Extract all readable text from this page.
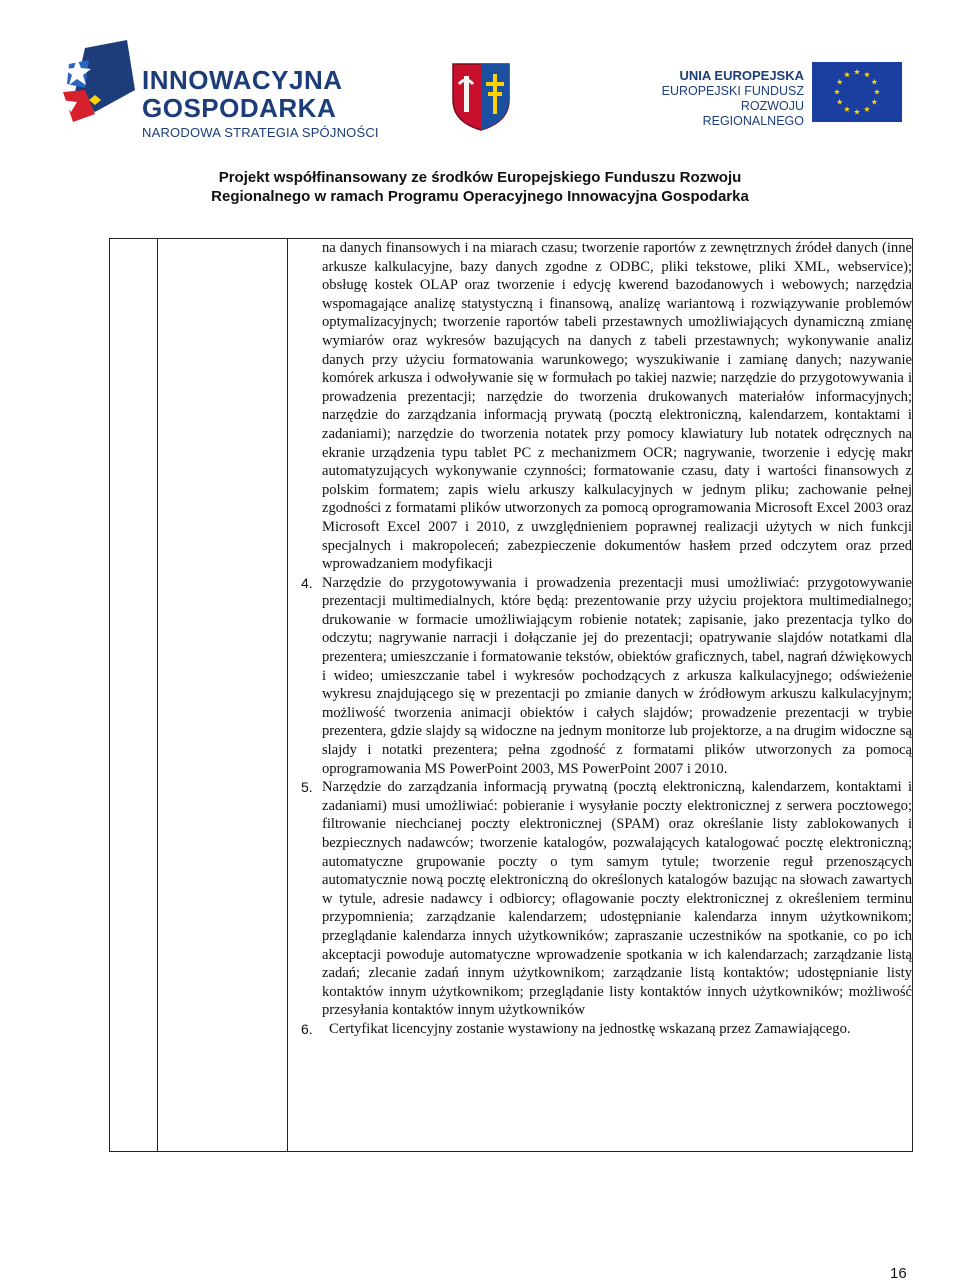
INNOWACYJNA
GOSPODARKA
NARODOWA STRATEGIA SPÓJNOŚCI
UNIA EUROPEJSKA
EUROPEJSKI FUNDUSZ
ROZWOJU REGIONALNEGO
Projekt współfinansowany ze środków Europejskiego Funduszu Rozwoju
Regionalnego w ramach Programu Operacyjnego Innowacyjna Gospodarka

na danych finansowych i na miarach czasu; tworzenie raportów z zewnętrznych źródeł danych (inne arkusze kalkulacyjne, bazy danych zgodne z ODBC, pliki tekstowe, pliki XML, webservice); obsługę kostek OLAP oraz tworzenie i edycję kwerend bazodanowych i webowych; narzędzia wspomagające analizę statystyczną i finansową, analizę wariantową i rozwiązywanie problemów optymalizacyjnych; tworzenie raportów tabeli przestawnych umożliwiających dynamiczną zmianę wymiarów oraz wykresów bazujących na danych z tabeli przestawnych; wykonywanie analiz danych przy użyciu formatowania warunkowego; wyszukiwanie i zamianę danych; nazywanie komórek arkusza i odwoływanie się w formułach po takiej nazwie; narzędzie do przygotowywania i prowadzenia prezentacji; narzędzie do tworzenia drukowanych materiałów informacyjnych; narzędzie do zarządzania informacją prywatą (pocztą elektroniczną, kalendarzem, kontaktami i zadaniami); narzędzie do tworzenia notatek przy pomocy klawiatury lub notatek odręcznych na ekranie urządzenia typu tablet PC z mechanizmem OCR; nagrywanie, tworzenie i edycję makr automatyzujących wykonywanie czynności; formatowanie czasu, daty i wartości finansowych z polskim formatem; zapis wielu arkuszy kalkulacyjnych w jednym pliku; zachowanie pełnej zgodności z formatami plików utworzonych za pomocą oprogramowania Microsoft Excel 2003 oraz Microsoft Excel 2007 i 2010, z uwzględnieniem poprawnej realizacji użytych w nich funkcji specjalnych i makropoleceń; zabezpieczenie dokumentów hasłem przed odczytem oraz przed wprowadzaniem modyfikacji

4. Narzędzie do przygotowywania i prowadzenia prezentacji musi umożliwiać: przygotowywanie prezentacji multimedialnych, które będą: prezentowanie przy użyciu projektora multimedialnego; drukowanie w formacie umożliwiającym robienie notatek; zapisanie, jako prezentacja tylko do odczytu; nagrywanie narracji i dołączanie jej do prezentacji; opatrywanie slajdów notatkami dla prezentera; umieszczanie i formatowanie tekstów, obiektów graficznych, tabel, nagrań dźwiękowych i wideo; umieszczanie tabel i wykresów pochodzących z arkusza kalkulacyjnego; odświeżenie wykresu znajdującego się w prezentacji po zmianie danych w źródłowym arkuszu kalkulacyjnym; możliwość tworzenia animacji obiektów i całych slajdów; prowadzenie prezentacji w trybie prezentera, gdzie slajdy są widoczne na jednym monitorze lub projektorze, a na drugim widoczne są slajdy i notatki prezentera; pełna zgodność z formatami plików utworzonych za pomocą oprogramowania MS PowerPoint 2003, MS PowerPoint 2007 i 2010.

5. Narzędzie do zarządzania informacją prywatną (pocztą elektroniczną, kalendarzem, kontaktami i zadaniami) musi umożliwiać: pobieranie i wysyłanie poczty elektronicznej z serwera pocztowego; filtrowanie niechcianej poczty elektronicznej (SPAM) oraz określanie listy zablokowanych i bezpiecznych nadawców; tworzenie katalogów, pozwalających katalogować pocztę elektroniczną; automatyczne grupowanie poczty o tym samym tytule; tworzenie reguł przenoszących automatycznie nową pocztę elektroniczną do określonych katalogów bazując na słowach zawartych w tytule, adresie nadawcy i odbiorcy; oflagowanie poczty elektronicznej z określeniem terminu przypomnienia; zarządzanie kalendarzem; udostępnianie kalendarza innym użytkownikom; przeglądanie kalendarza innych użytkowników; zapraszanie uczestników na spotkanie, co po ich akceptacji powoduje automatyczne wprowadzenie spotkania w ich kalendarzach; zarządzanie listą zadań; zlecanie zadań innym użytkownikom; zarządzanie listą kontaktów; udostępnianie listy kontaktów innym użytkownikom; przeglądanie listy kontaktów innych użytkowników; możliwość przesyłania kontaktów innym użytkowników

6.	Certyfikat licencyjny zostanie wystawiony na jednostkę wskazaną przez Zamawiającego.

16
